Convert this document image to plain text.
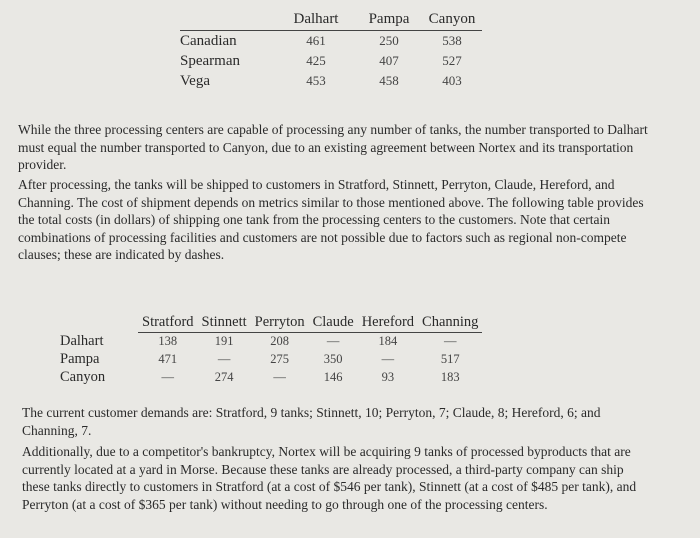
	Dalhart	Pampa	Canyon
Canadian	461	250	538
Spearman	425	407	527
Vega	453	458	403

While the three processing centers are capable of processing any number of tanks, the number transported to Dalhart must equal the number transported to Canyon, due to an existing agreement between Nortex and its transportation provider.

After processing, the tanks will be shipped to customers in Stratford, Stinnett, Perryton, Claude, Hereford, and Channing. The cost of shipment depends on metrics similar to those mentioned above. The following table provides the total costs (in dollars) of shipping one tank from the processing centers to the customers. Note that certain combinations of processing facilities and customers are not possible due to factors such as regional non-compete clauses; these are indicated by dashes.

	Stratford	Stinnett	Perryton	Claude	Hereford	Channing
Dalhart	138	191	208	—	184	—
Pampa	471	—	275	350	—	517
Canyon	—	274	—	146	93	183

The current customer demands are: Stratford, 9 tanks; Stinnett, 10; Perryton, 7; Claude, 8; Hereford, 6; and Channing, 7.

Additionally, due to a competitor's bankruptcy, Nortex will be acquiring 9 tanks of processed byproducts that are currently located at a yard in Morse. Because these tanks are already processed, a third-party company can ship these tanks directly to customers in Stratford (at a cost of $546 per tank), Stinnett (at a cost of $485 per tank), and Perryton (at a cost of $365 per tank) without needing to go through one of the processing centers.
